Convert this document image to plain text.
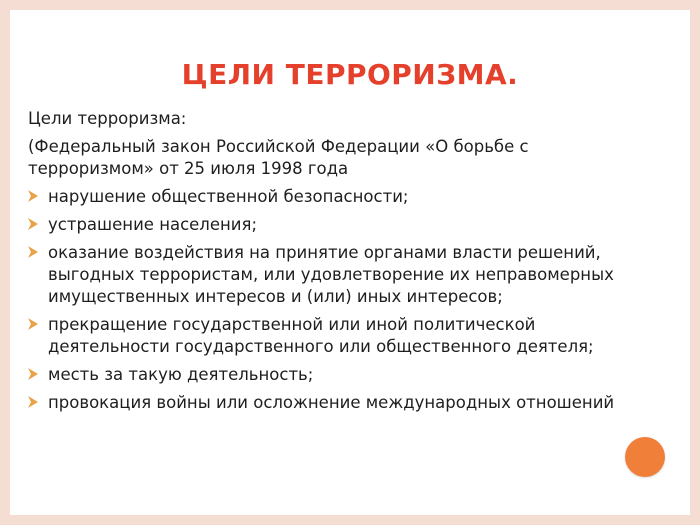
ЦЕЛИ ТЕРРОРИЗМА.

Цели терроризма:

(Федеральный закон Российской Федерации «О борьбе с терроризмом» от 25 июля 1998 года

нарушение общественной безопасности;
устрашение населения;
оказание воздействия на принятие органами власти решений, выгодных террористам, или удовлетворение их неправомерных имущественных интересов и (или) иных интересов;
прекращение государственной или иной политической деятельности государственного или общественного деятеля;
месть за такую деятельность;
провокация войны или осложнение международных отношений
